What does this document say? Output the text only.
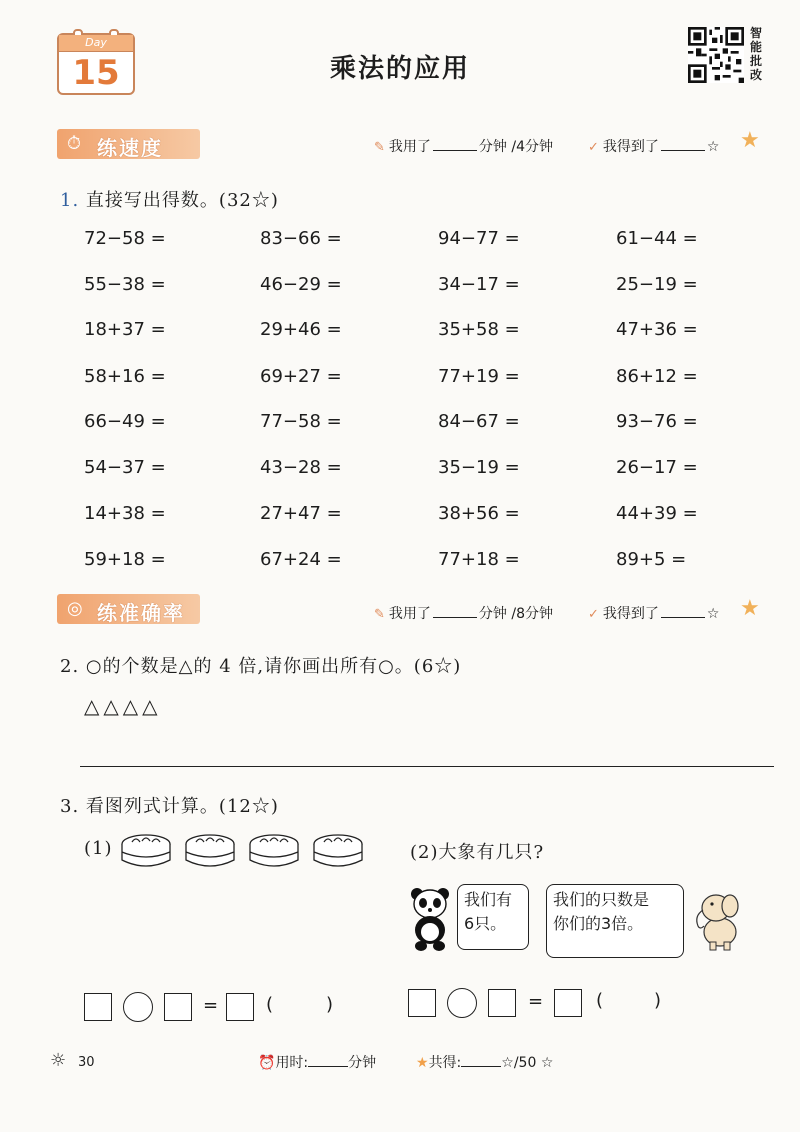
Day
15	乘法的应用
智
能
批
改
⏱ 练速度	✎ 我用了	分钟 /4分钟	✓ 我得到了	☆ ★
1. 直接写出得数。(32☆)
72−58 =	83−66 =	94−77 =	61−44 =
55−38 =	46−29 =	34−17 =	25−19 =
18+37 =	29+46 =	35+58 =	47+36 =
58+16 =	69+27 =	77+19 =	86+12 =
66−49 =	77−58 =	84−67 =	93−76 =
54−37 =	43−28 =	35−19 =	26−17 =
14+38 =	27+47 =	38+56 =	44+39 =
59+18 =	67+24 =	77+18 =	89+5 =
◎ 练准确率	✎ 我用了	分钟 /8分钟	✓ 我得到了	☆ ★
2. ○的个数是△的 4 倍,请你画出所有○。(6☆)
△△△△
3. 看图列式计算。(12☆)
(1)	(2)大象有几只?
我们有
6只。
我们的只数是
你们的3倍。
=	(	)	=	(	)
⏰用时:	分钟	★共得:	☆/50 ☆
☼ 30
